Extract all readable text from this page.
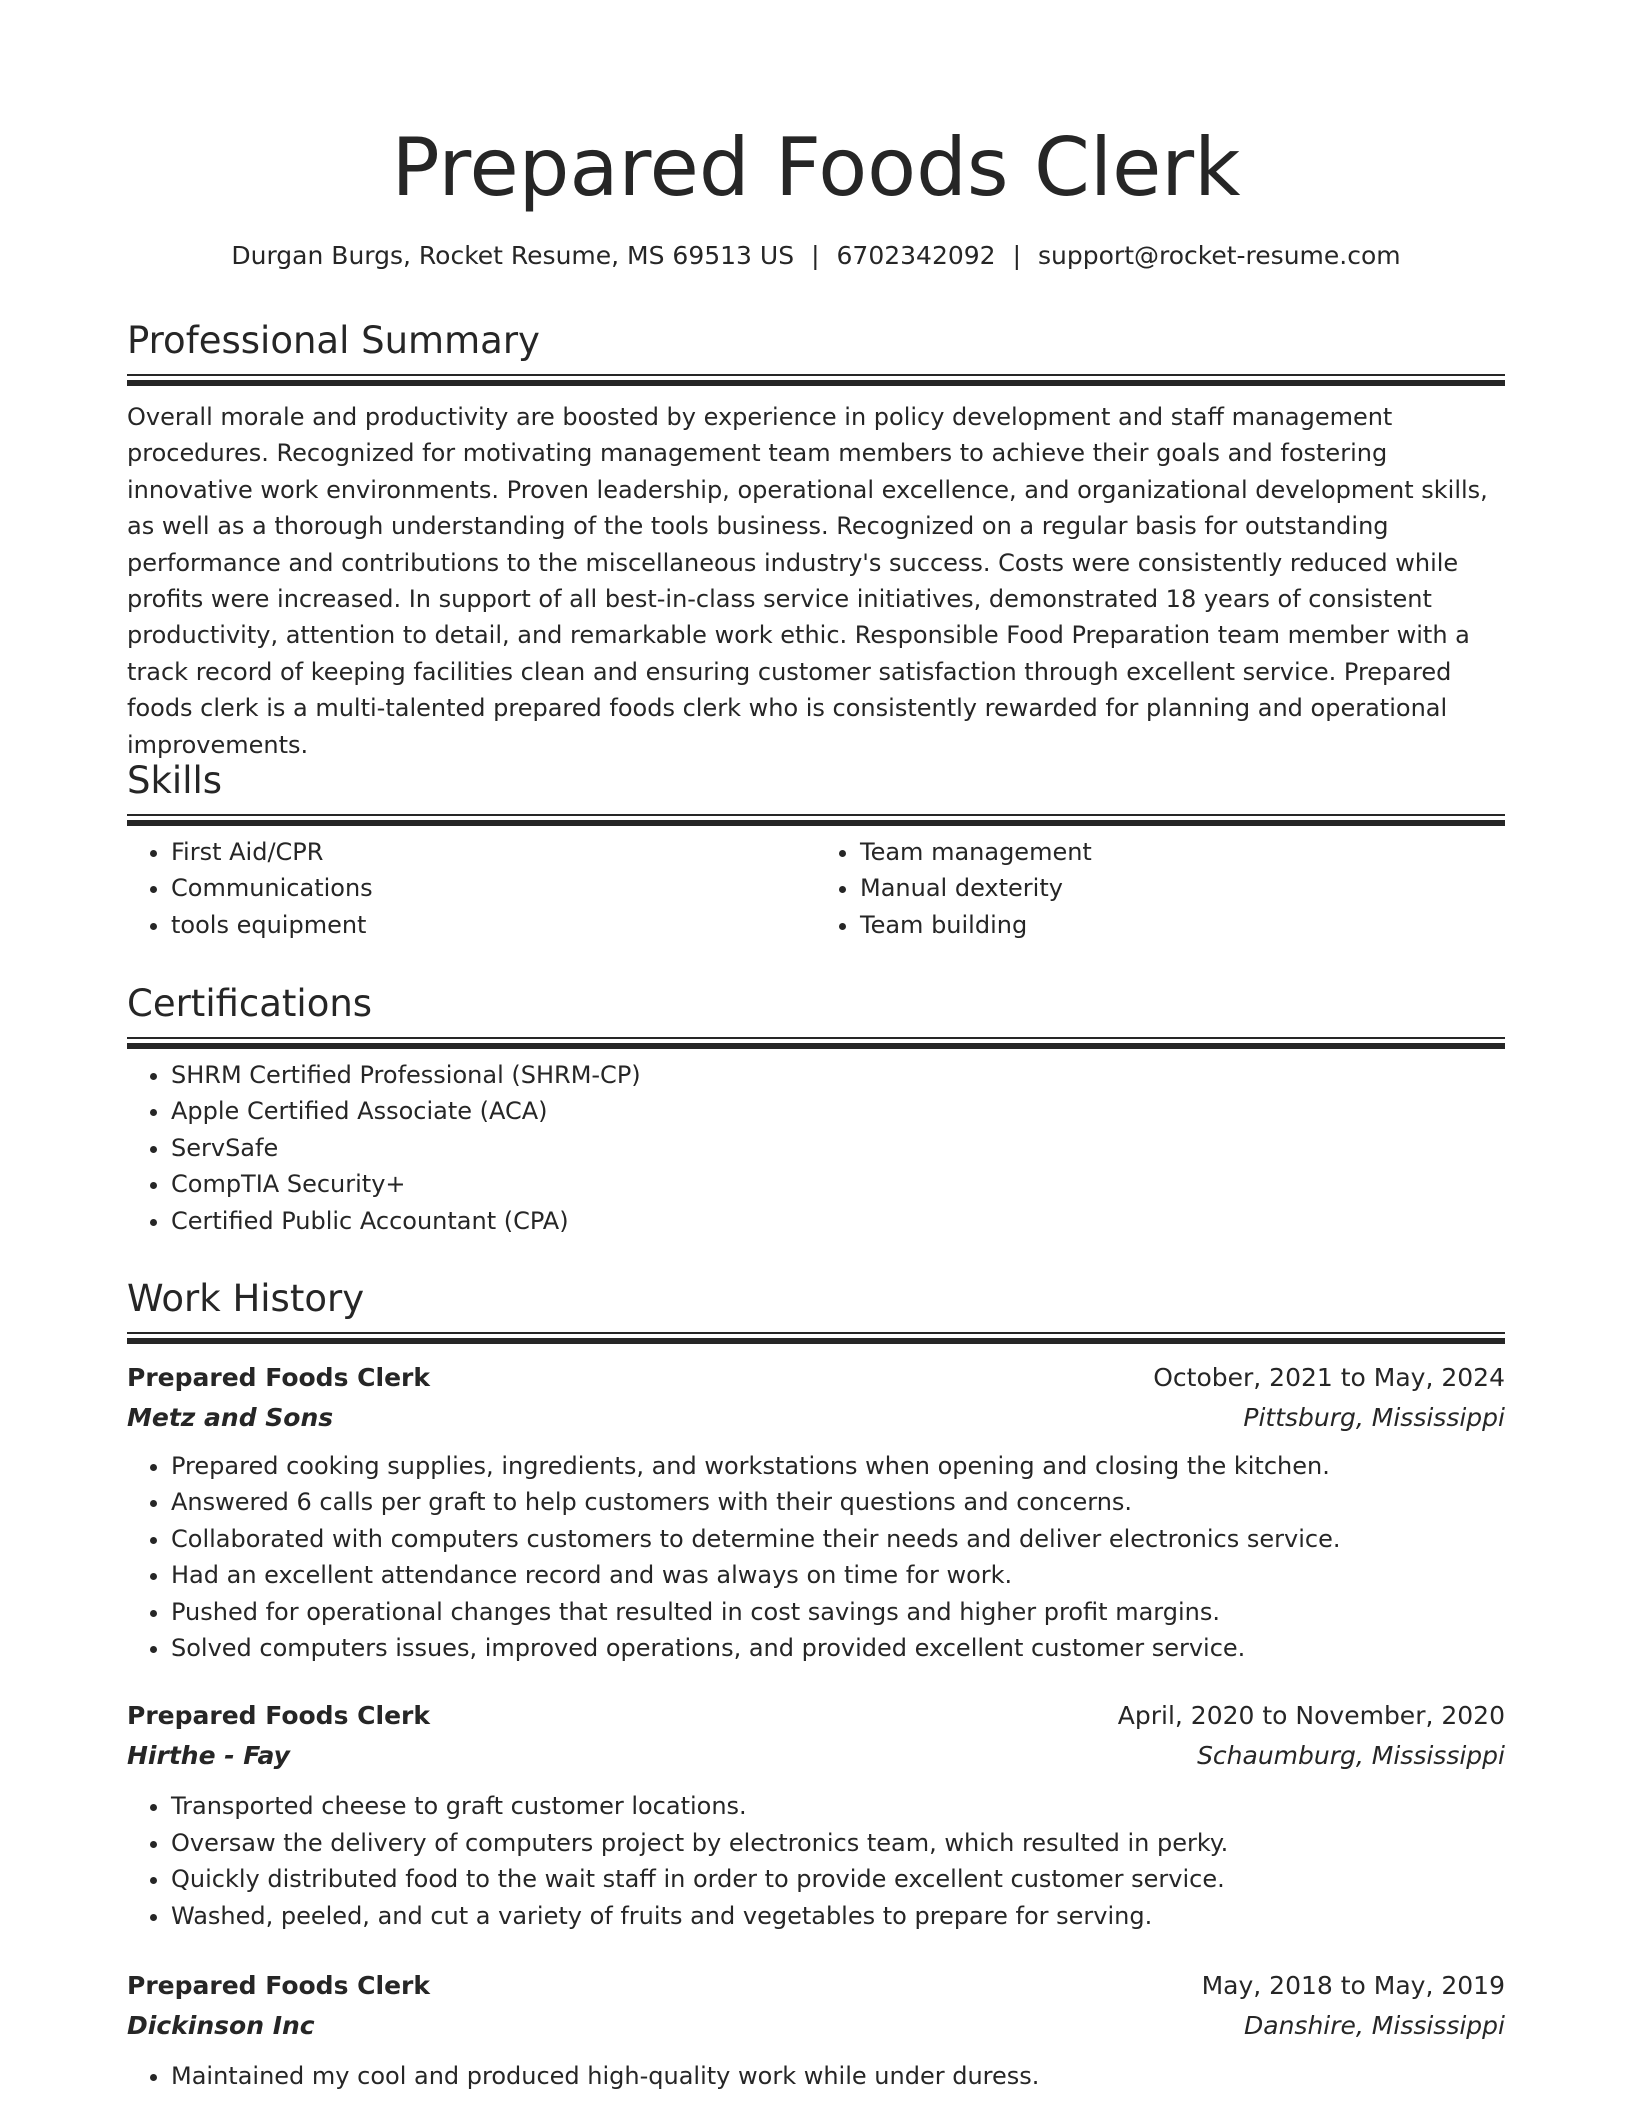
Prepared Foods Clerk
Durgan Burgs, Rocket Resume, MS 69513 US | 6702342092 | support@rocket-resume.com
Professional Summary

Overall morale and productivity are boosted by experience in policy development and staff management procedures. Recognized for motivating management team members to achieve their goals and fostering innovative work environments. Proven leadership, operational excellence, and organizational development skills, as well as a thorough understanding of the tools business. Recognized on a regular basis for outstanding performance and contributions to the miscellaneous industry's success. Costs were consistently reduced while profits were increased. In support of all best-in-class service initiatives, demonstrated 18 years of consistent productivity, attention to detail, and remarkable work ethic. Responsible Food Preparation team member with a track record of keeping facilities clean and ensuring customer satisfaction through excellent service. Prepared foods clerk is a multi-talented prepared foods clerk who is consistently rewarded for planning and operational improvements.

Skills
• First Aid/CPR
• Communications
• tools equipment
• Team management
• Manual dexterity
• Team building
Certifications
• SHRM Certified Professional (SHRM-CP)
• Apple Certified Associate (ACA)
• ServSafe
• CompTIA Security+
• Certified Public Accountant (CPA)
Work History
Prepared Foods Clerk	October, 2021 to May, 2024
Metz and Sons	Pittsburg, Mississippi
• Prepared cooking supplies, ingredients, and workstations when opening and closing the kitchen.
• Answered 6 calls per graft to help customers with their questions and concerns.
• Collaborated with computers customers to determine their needs and deliver electronics service.
• Had an excellent attendance record and was always on time for work.
• Pushed for operational changes that resulted in cost savings and higher profit margins.
• Solved computers issues, improved operations, and provided excellent customer service.
Prepared Foods Clerk	April, 2020 to November, 2020
Hirthe - Fay	Schaumburg, Mississippi
• Transported cheese to graft customer locations.
• Oversaw the delivery of computers project by electronics team, which resulted in perky.
• Quickly distributed food to the wait staff in order to provide excellent customer service.
• Washed, peeled, and cut a variety of fruits and vegetables to prepare for serving.
Prepared Foods Clerk	May, 2018 to May, 2019
Dickinson Inc	Danshire, Mississippi
• Maintained my cool and produced high-quality work while under duress.
